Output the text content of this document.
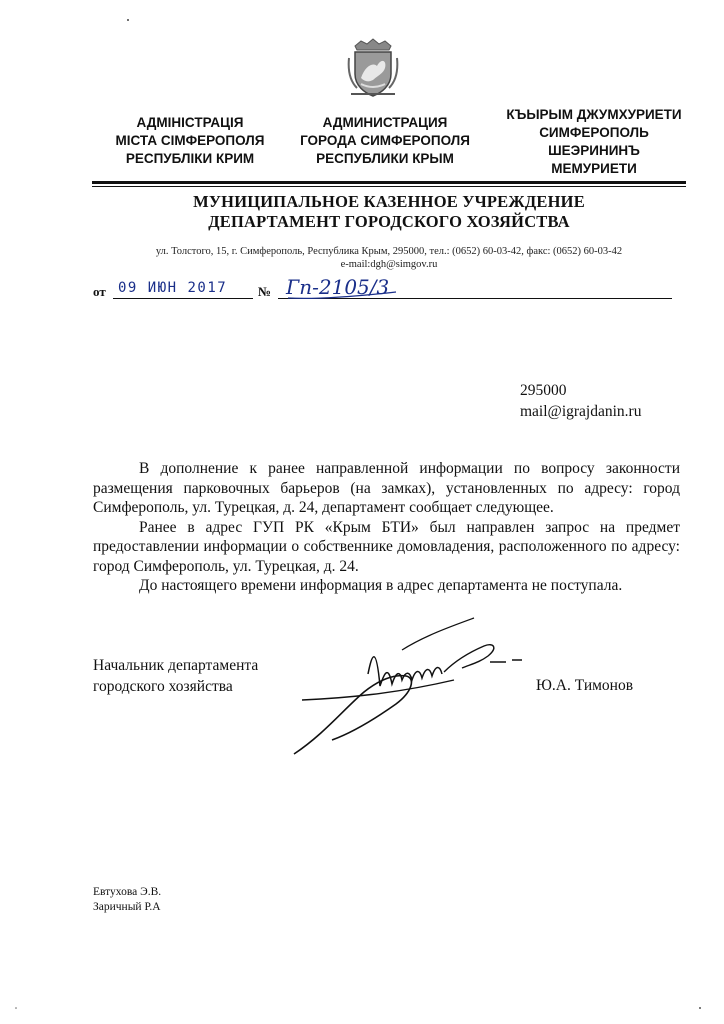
АДМІНІСТРАЦІЯ
МІСТА СІМФЕРОПОЛЯ
РЕСПУБЛІКИ КРИМ
АДМИНИСТРАЦИЯ
ГОРОДА СИМФЕРОПОЛЯ
РЕСПУБЛИКИ КРЫМ
КЪЫРЫМ ДЖУМХУРИЕТИ
СИМФЕРОПОЛЬ
ШЕЭРИНИНЪ
МЕМУРИЕТИ
МУНИЦИПАЛЬНОЕ КАЗЕННОЕ УЧРЕЖДЕНИЕ
ДЕПАРТАМЕНТ ГОРОДСКОГО ХОЗЯЙСТВА
ул. Толстого, 15, г. Симферополь, Республика Крым, 295000, тел.: (0652) 60-03-42, факс: (0652) 60-03-42
e-mail:dgh@simgov.ru
от 09 ИЮН 2017 № Гп-2105/3
295000
mail@igrajdanin.ru

В дополнение к ранее направленной информации по вопросу законности размещения парковочных барьеров (на замках), установленных по адресу: город Симферополь, ул. Турецкая, д. 24, департамент сообщает следующее.

Ранее в адрес ГУП РК «Крым БТИ» был направлен запрос на предмет предоставлении информации о собственнике домовладения, расположенного по адресу: город Симферополь, ул. Турецкая, д. 24.

До настоящего времени информация в адрес департамента не поступала.

Начальник департамента
городского хозяйства	Ю.А. Тимонов
Евтухова Э.В.
Заричный Р.А
